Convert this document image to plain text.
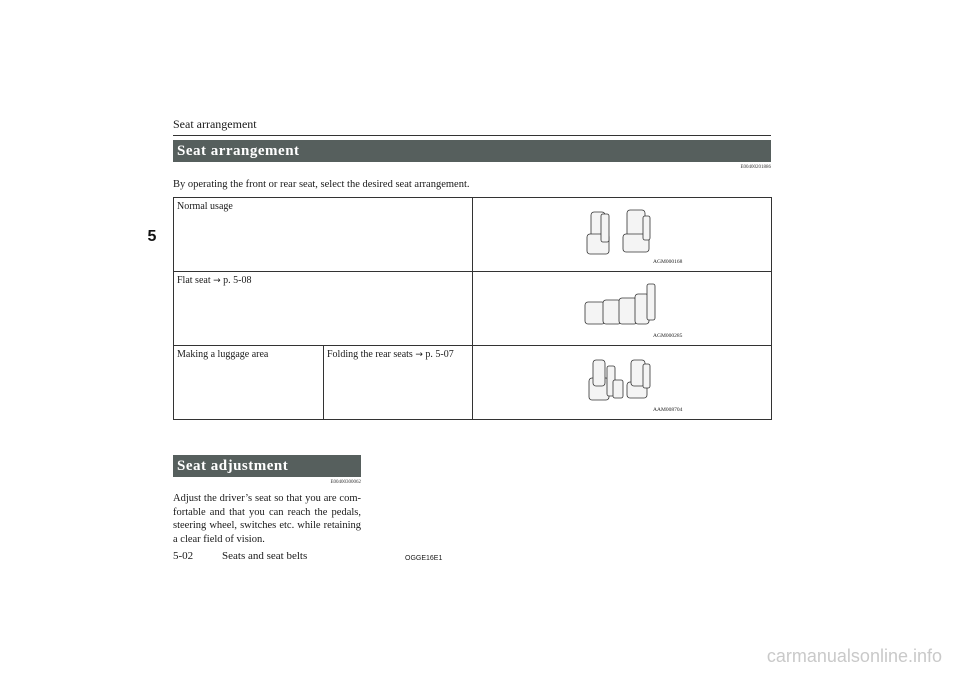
Seat arrangement
5
Seat arrangement
E00400201886
By operating the front or rear seat, select the desired seat arrangement.
Normal usage		AGM000168

Flat seat → p. 5-08		AGM000285

Making a luggage area	Folding the rear seats → p. 5-07	AAM008704
Seat adjustment
E00400300062
Adjust the driver’s seat so that you are com-fortable and that you can reach the pedals, steering wheel, switches etc. while retaining a clear field of vision.
5-02	Seats and seat belts	OGGE16E1
carmanualsonline.info
